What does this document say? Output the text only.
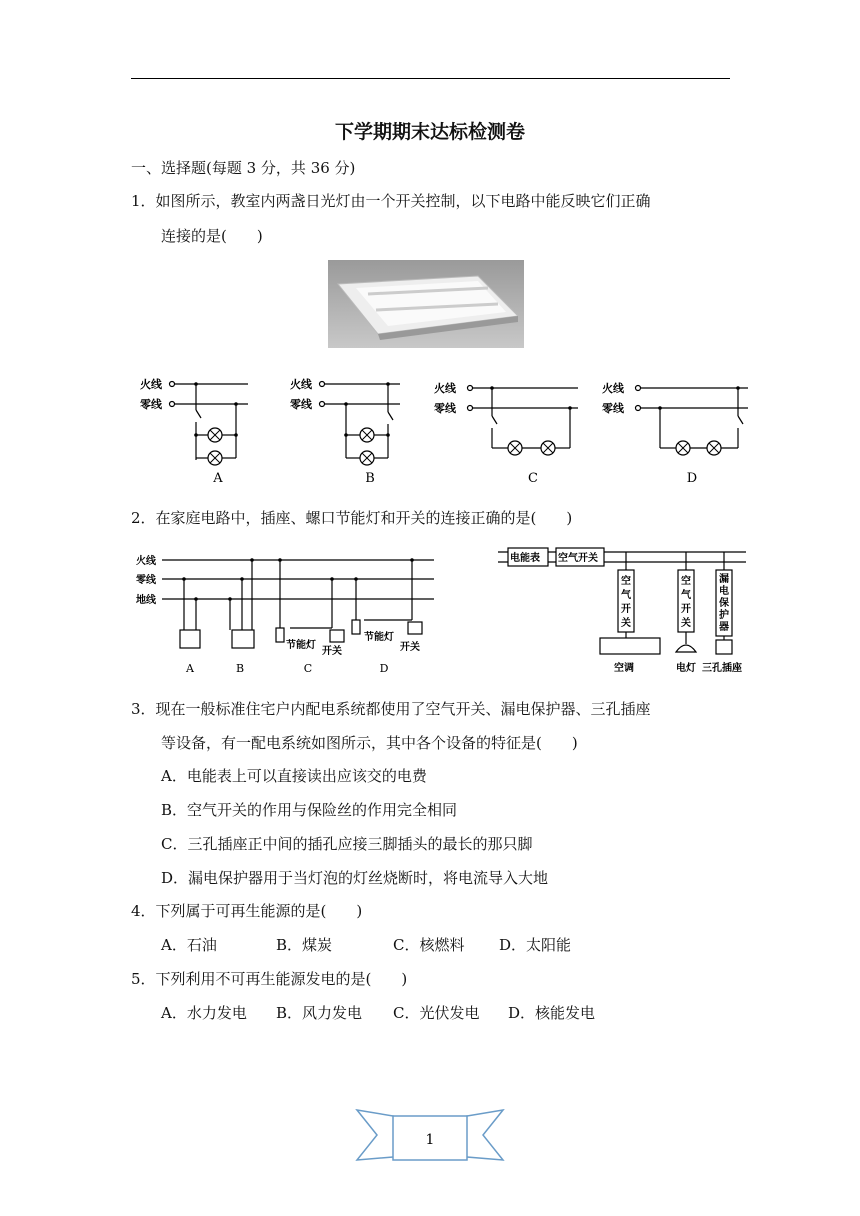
下学期期末达标检测卷
一、选择题(每题 3 分，共 36 分)
1．如图所示，教室内两盏日光灯由一个开关控制，以下电路中能反映它们正确
连接的是(　　)
火线
零线
火线
零线
火线
零线
火线
零线
A	B	C	D
2．在家庭电路中，插座、螺口节能灯和开关的连接正确的是(　　)
火线
零线
地线
节能灯
开关
节能灯
开关
A	B	C	D
电能表 空气开关
空
气
开
关
空
气
开
关
漏
电
保
护
器
空调	电灯 三孔插座
3．现在一般标准住宅户内配电系统都使用了空气开关、漏电保护器、三孔插座
等设备，有一配电系统如图所示，其中各个设备的特征是(　　)
A．电能表上可以直接读出应该交的电费
B．空气开关的作用与保险丝的作用完全相同
C．三孔插座正中间的插孔应接三脚插头的最长的那只脚
D．漏电保护器用于当灯泡的灯丝烧断时，将电流导入大地
4．下列属于可再生能源的是(　　)
A．石油	B．煤炭	C．核燃料 D．太阳能
5．下列利用不可再生能源发电的是(　　)
A．水力发电 B．风力发电 C．光伏发电 D．核能发电
1
